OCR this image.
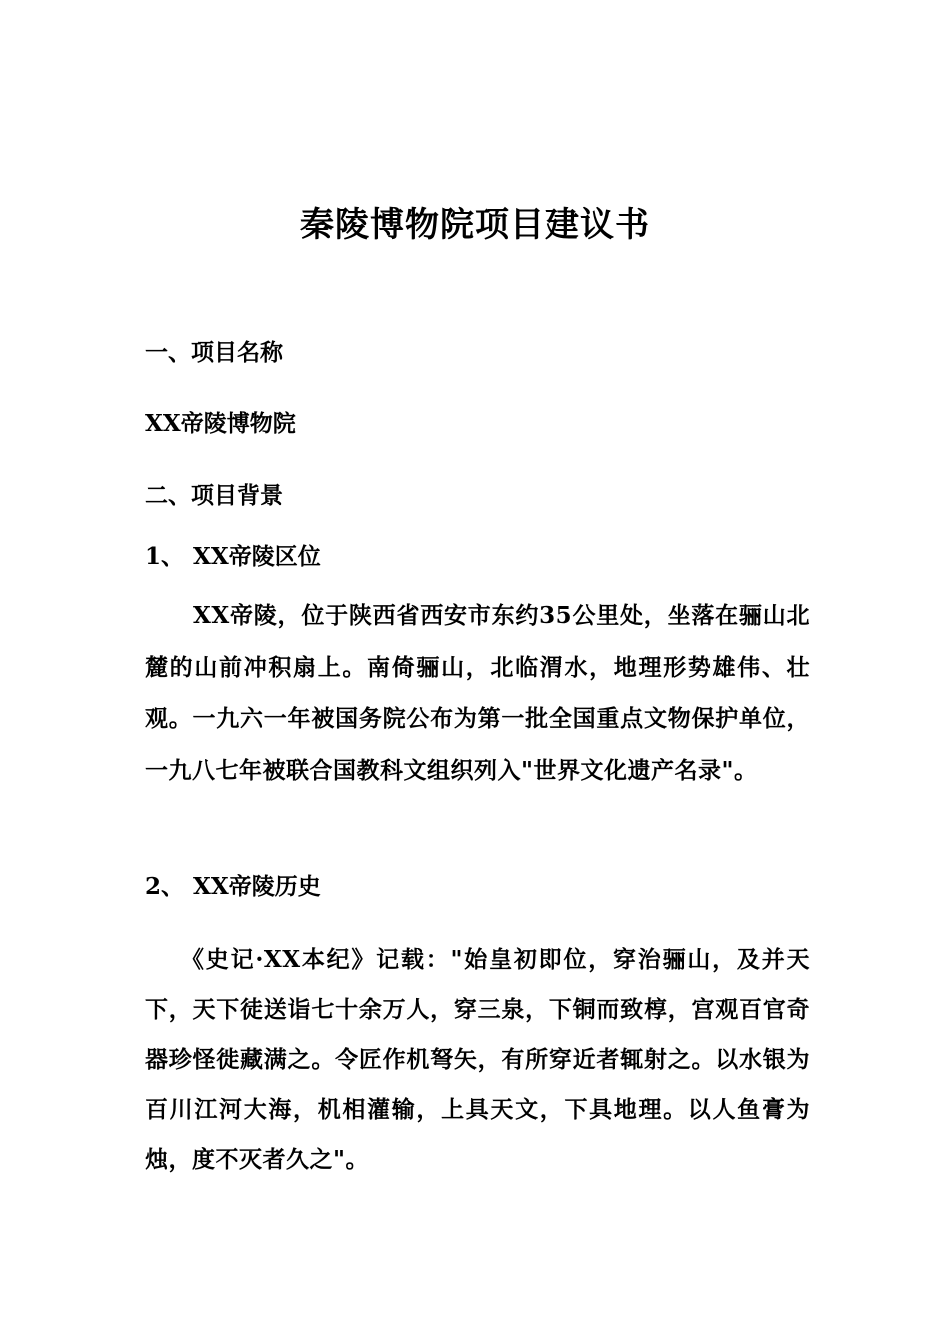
秦陵博物院项目建议书
一、项目名称
XX帝陵博物院
二、项目背景
1、 XX帝陵区位
XX帝陵，位于陕西省西安市东约35公里处，坐落在骊山北麓的山前冲积扇上。南倚骊山，北临渭水，地理形势雄伟、壮观。一九六一年被国务院公布为第一批全国重点文物保护单位，一九八七年被联合国教科文组织列入"世界文化遗产名录"。
2、 XX帝陵历史
《史记·XX本纪》记载："始皇初即位，穿治骊山，及并天下，天下徒送诣七十余万人，穿三泉，下铜而致椁，宫观百官奇器珍怪徙藏满之。令匠作机弩矢，有所穿近者辄射之。以水银为百川江河大海，机相灌输，上具天文，下具地理。以人鱼膏为烛，度不灭者久之"。
